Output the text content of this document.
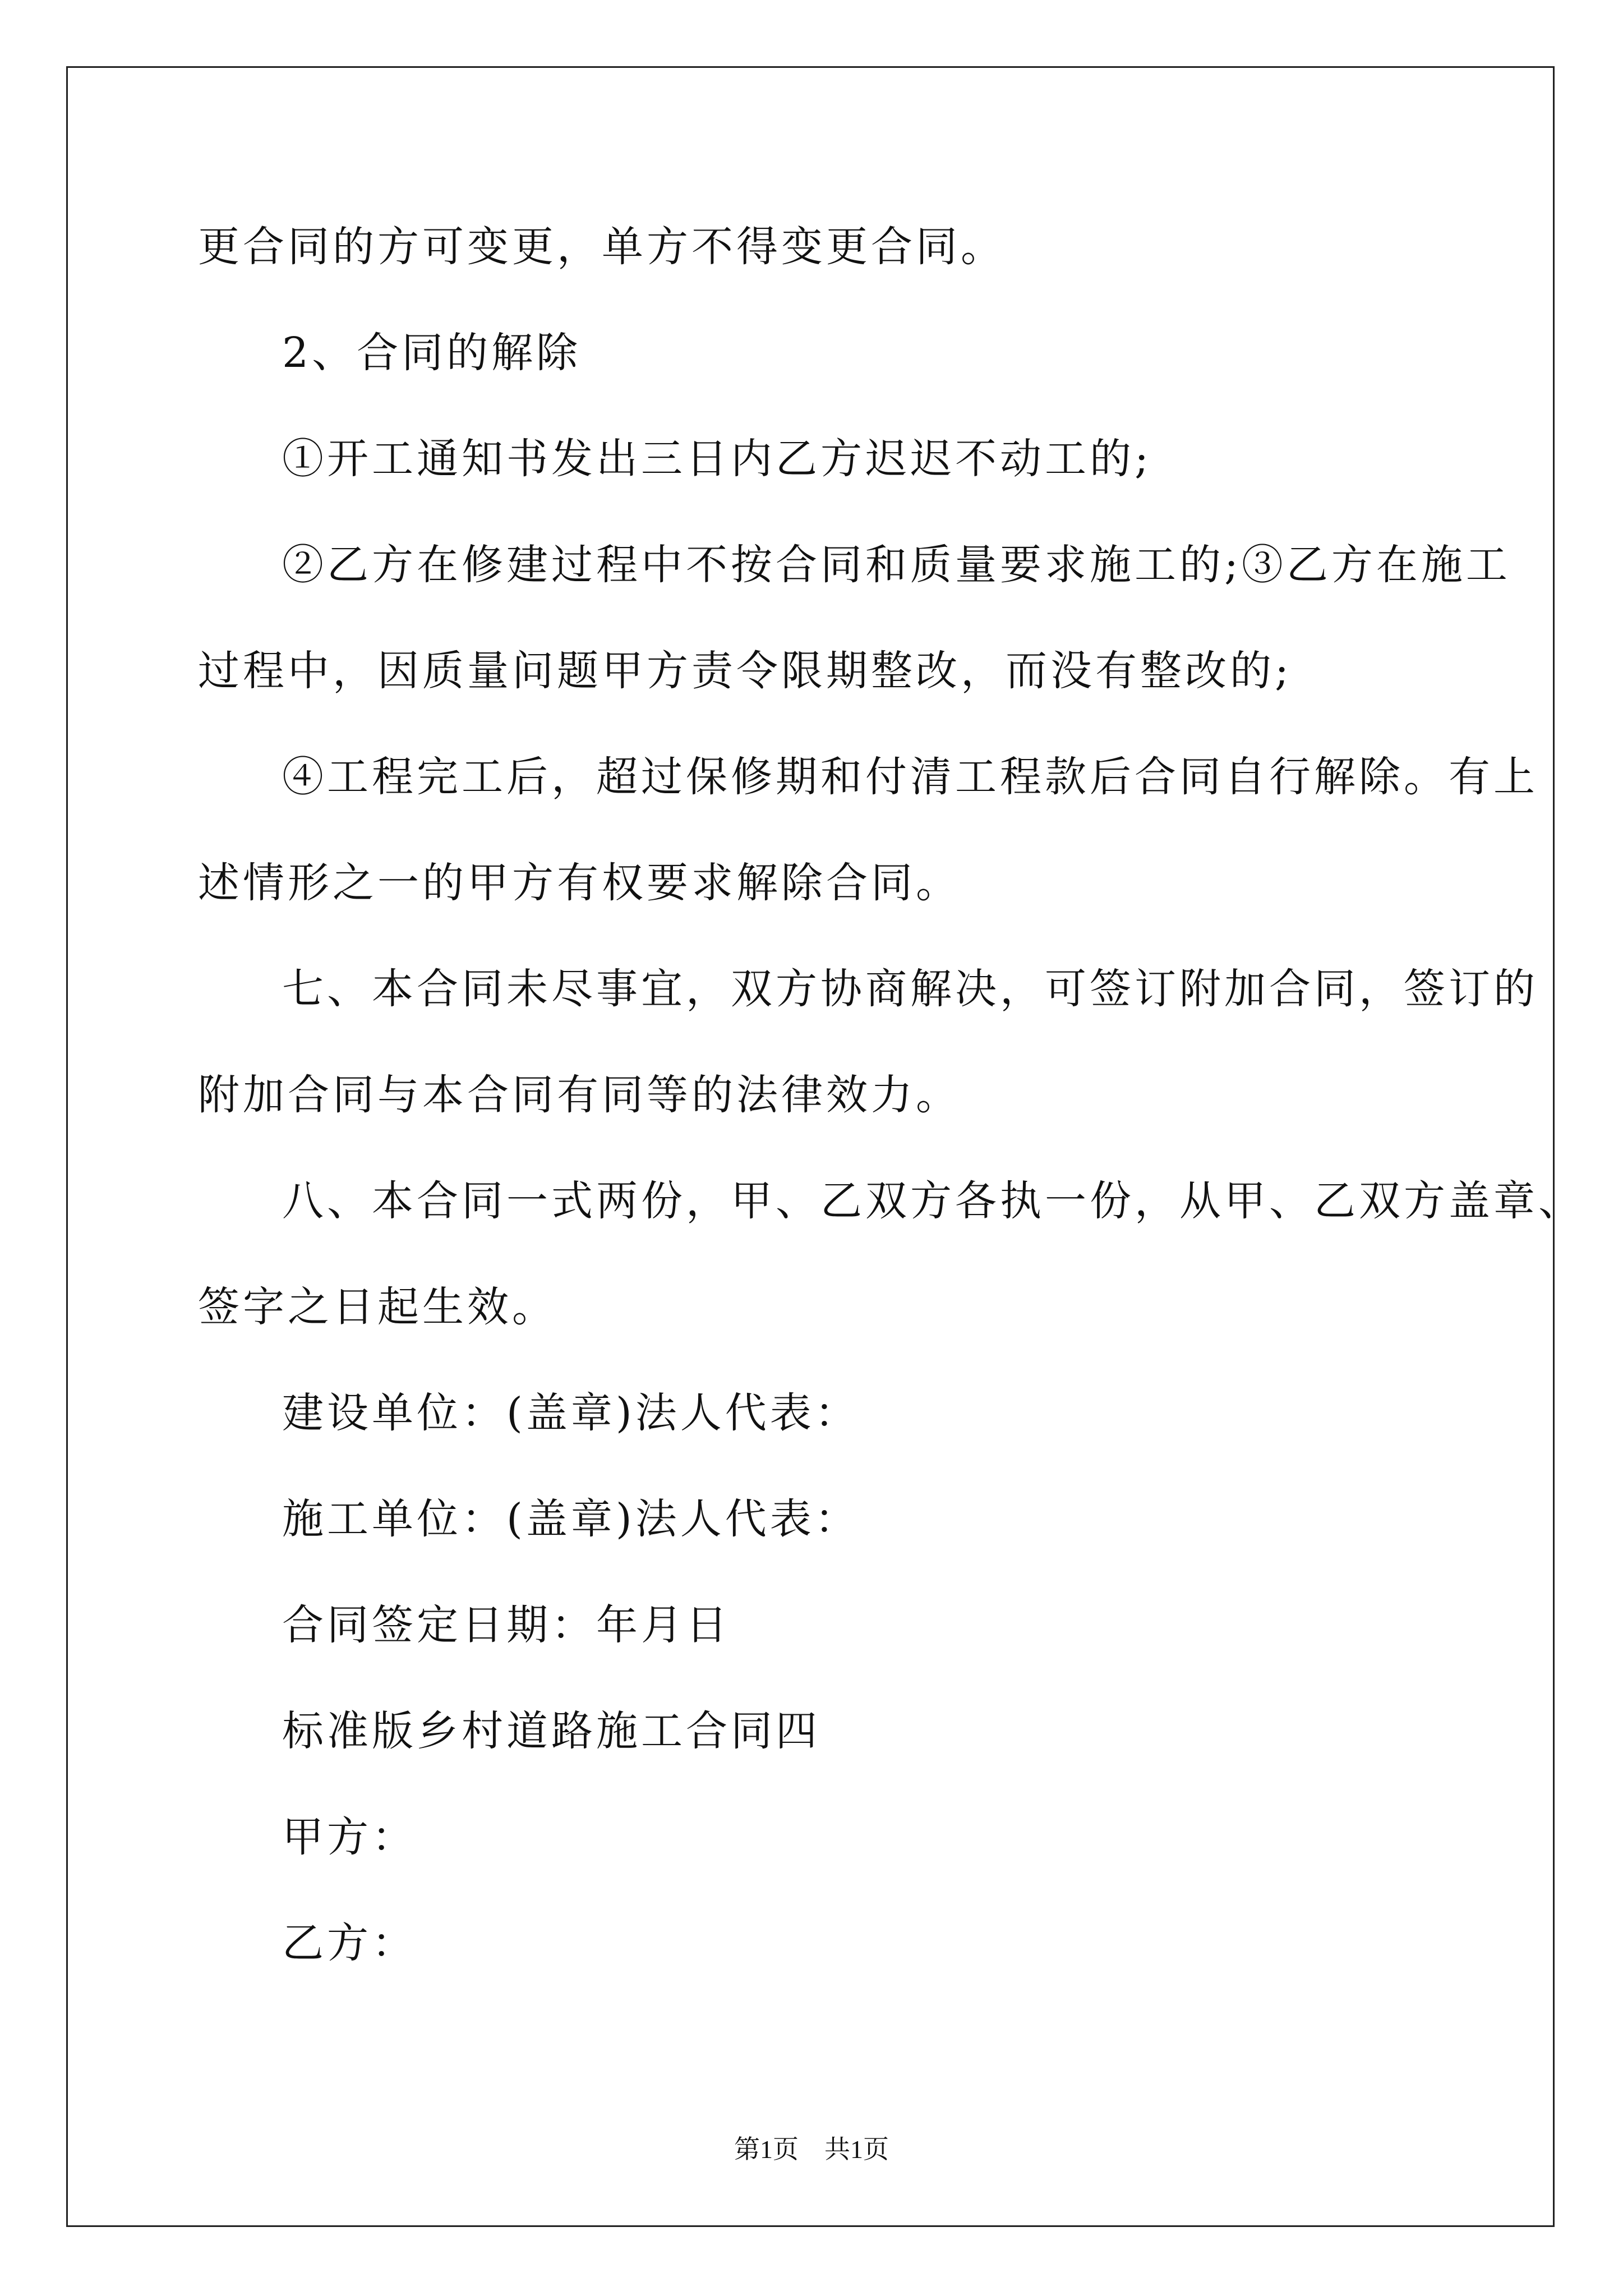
更合同的方可变更，单方不得变更合同。
2、合同的解除
①开工通知书发出三日内乙方迟迟不动工的;
②乙方在修建过程中不按合同和质量要求施工的;③乙方在施工
过程中，因质量问题甲方责令限期整改，而没有整改的;
④工程完工后，超过保修期和付清工程款后合同自行解除。有上
述情形之一的甲方有权要求解除合同。
七、本合同未尽事宜，双方协商解决，可签订附加合同，签订的
附加合同与本合同有同等的法律效力。
八、本合同一式两份，甲、乙双方各执一份，从甲、乙双方盖章、
签字之日起生效。
建设单位：(盖章)法人代表：
施工单位：(盖章)法人代表：
合同签定日期：年月日
标准版乡村道路施工合同四
甲方：
乙方：

第1页　共1页
